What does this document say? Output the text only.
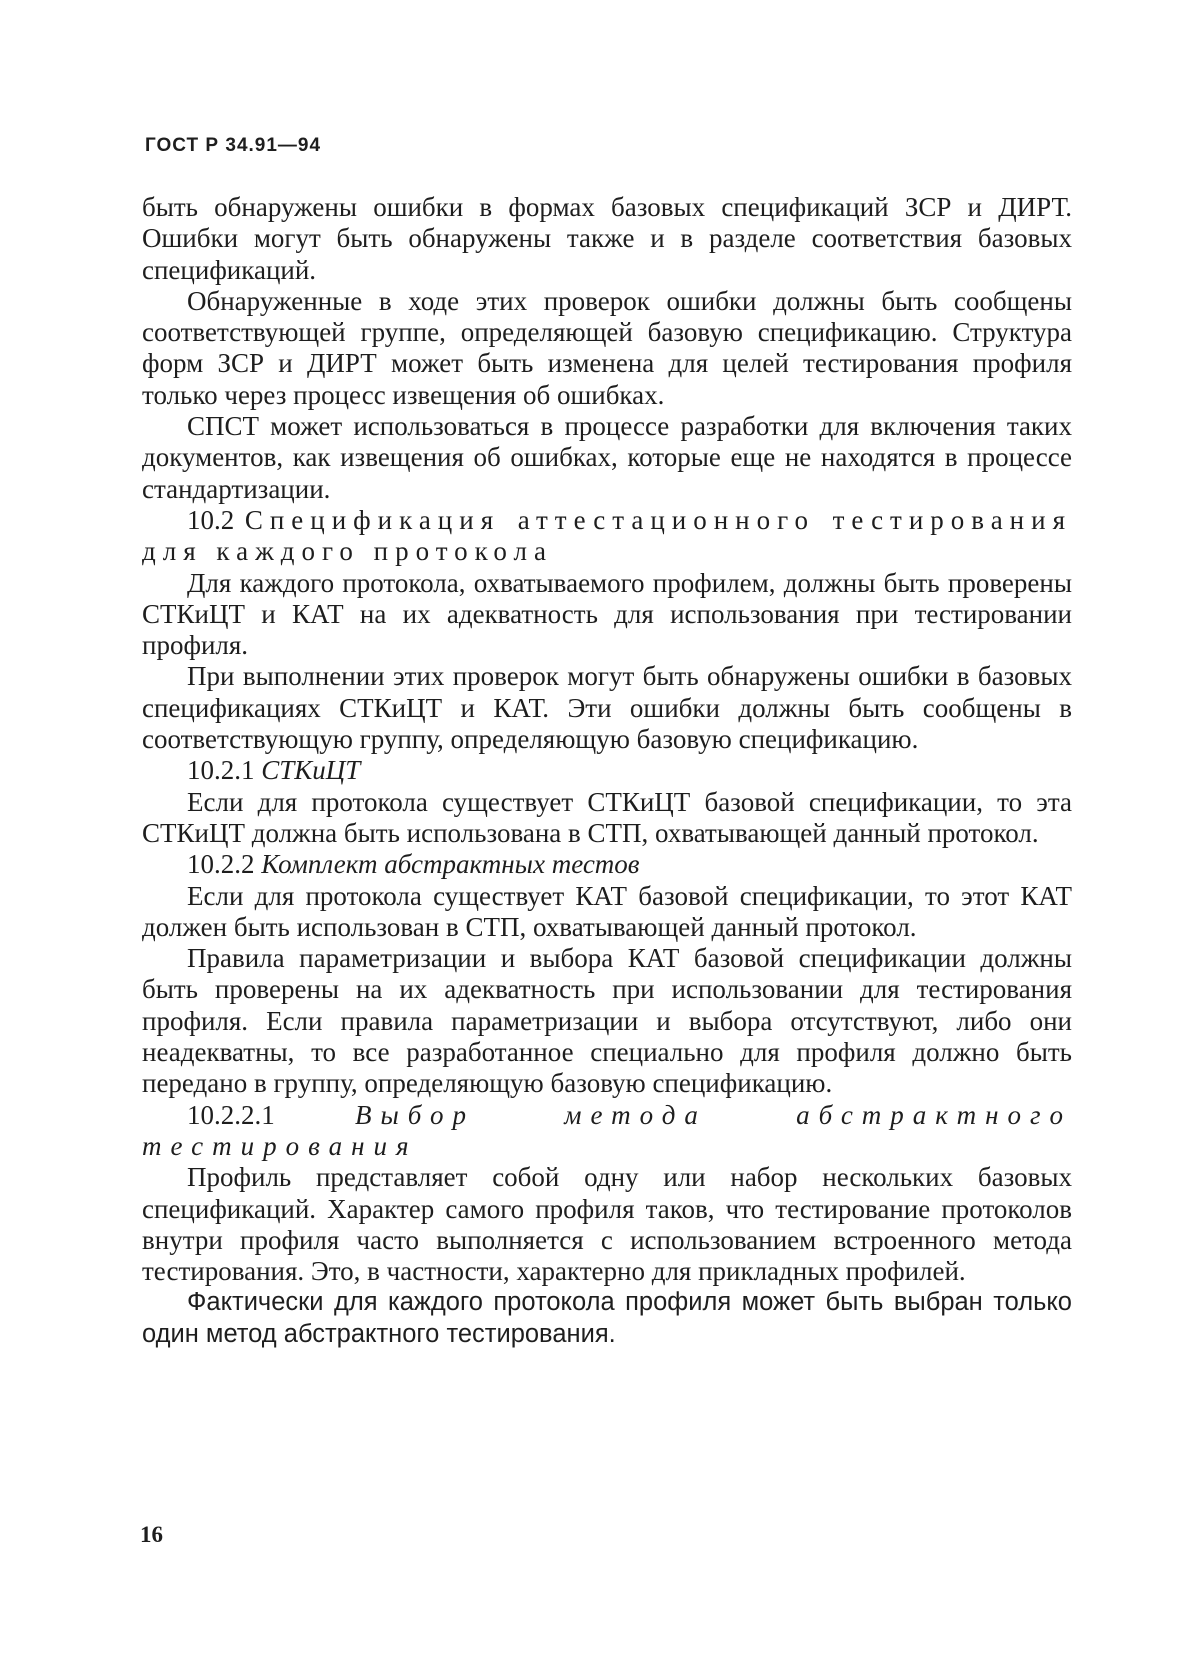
ГОСТ Р 34.91—94

быть обнаружены ошибки в формах базовых спецификаций ЗСР и ДИРТ. Ошибки могут быть обнаружены также и в разделе соответствия базовых спецификаций.

Обнаруженные в ходе этих проверок ошибки должны быть сообщены соответствующей группе, определяющей базовую спецификацию. Структура форм ЗСР и ДИРТ может быть изменена для целей тестирования профиля только через процесс извещения об ошибках.

СПСТ может использоваться в процессе разработки для включения таких документов, как извещения об ошибках, которые еще не находятся в процессе стандартизации.

10.2 Спецификация аттестационного тестирования для каждого протокола

Для каждого протокола, охватываемого профилем, должны быть проверены СТКиЦТ и КАТ на их адекватность для использования при тестировании профиля.

При выполнении этих проверок могут быть обнаружены ошибки в базовых спецификациях СТКиЦТ и КАТ. Эти ошибки должны быть сообщены в соответствующую группу, определяющую базовую спецификацию.

10.2.1 СТКиЦТ

Если для протокола существует СТКиЦТ базовой спецификации, то эта СТКиЦТ должна быть использована в СТП, охватывающей данный протокол.

10.2.2 Комплект абстрактных тестов

Если для протокола существует КАТ базовой спецификации, то этот КАТ должен быть использован в СТП, охватывающей данный протокол.

Правила параметризации и выбора КАТ базовой спецификации должны быть проверены на их адекватность при использовании для тестирования профиля. Если правила параметризации и выбора отсутствуют, либо они неадекватны, то все разработанное специально для профиля должно быть передано в группу, определяющую базовую спецификацию.

10.2.2.1	Выбор метода абстрактного тестирования

Профиль представляет собой одну или набор нескольких базовых спецификаций. Характер самого профиля таков, что тестирование протоколов внутри профиля часто выполняется с использованием встроенного метода тестирования. Это, в частности, характерно для прикладных профилей.

Фактически для каждого протокола профиля может быть выбран только один метод абстрактного тестирования.

16
